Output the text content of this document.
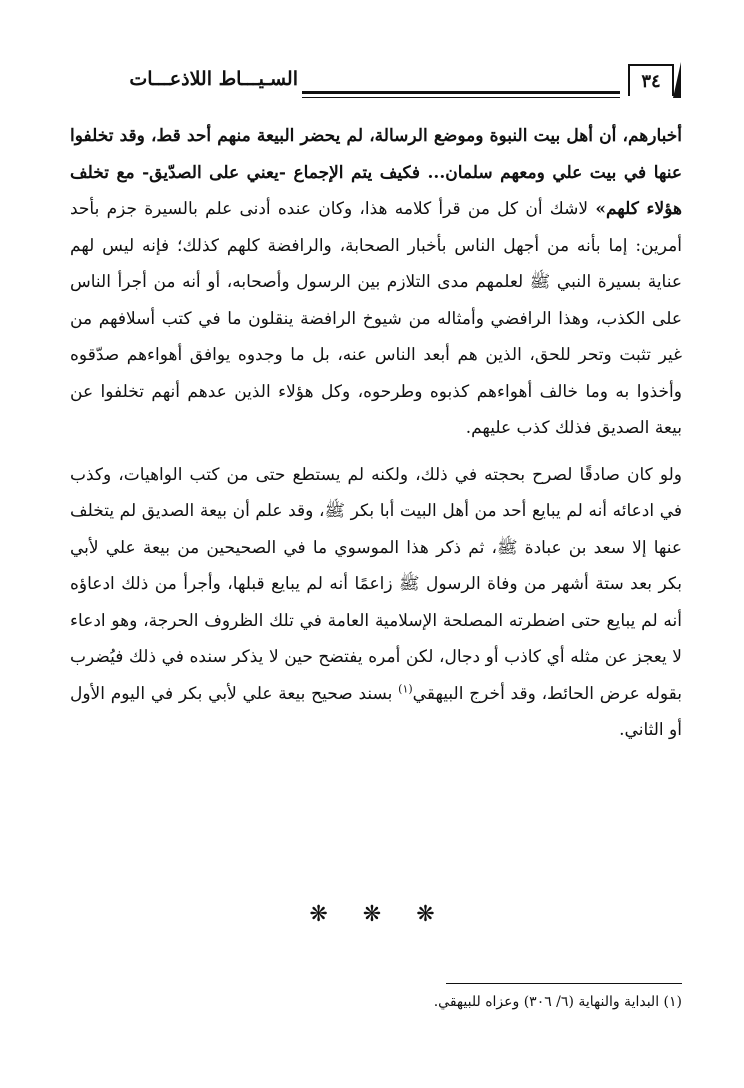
السـيـــاط اللاذعـــات	٣٤

أخبارهم، أن أهل بيت النبوة وموضع الرسالة، لم يحضر البيعة منهم أحد قط، وقد تخلفوا عنها في بيت علي ومعهم سلمان... فكيف يتم الإجماع -يعني على الصدّيق- مع تخلف هؤلاء كلهم» لاشك أن كل من قرأ كلامه هذا، وكان عنده أدنى علم بالسيرة جزم بأحد أمرين: إما بأنه من أجهل الناس بأخبار الصحابة، والرافضة كلهم كذلك؛ فإنه ليس لهم عناية بسيرة النبي ﷺ لعلمهم مدى التلازم بين الرسول وأصحابه، أو أنه من أجرأ الناس على الكذب، وهذا الرافضي وأمثاله من شيوخ الرافضة ينقلون ما في كتب أسلافهم من غير تثبت وتحر للحق، الذين هم أبعد الناس عنه، بل ما وجدوه يوافق أهواءهم صدّقوه وأخذوا به وما خالف أهواءهم كذبوه وطرحوه، وكل هؤلاء الذين عدهم أنهم تخلفوا عن بيعة الصديق فذلك كذب عليهم.

ولو كان صادقًا لصرح بحجته في ذلك، ولكنه لم يستطع حتى من كتب الواهيات، وكذب في ادعائه أنه لم يبايع أحد من أهل البيت أبا بكر ﷺ، وقد علم أن بيعة الصديق لم يتخلف عنها إلا سعد بن عبادة ﷺ، ثم ذكر هذا الموسوي ما في الصحيحين من بيعة علي لأبي بكر بعد ستة أشهر من وفاة الرسول ﷺ زاعمًا أنه لم يبايع قبلها، وأجرأ من ذلك ادعاؤه أنه لم يبايع حتى اضطرته المصلحة الإسلامية العامة في تلك الظروف الحرجة، وهو ادعاء لا يعجز عن مثله أي كاذب أو دجال، لكن أمره يفتضح حين لا يذكر سنده في ذلك فيُضرب بقوله عرض الحائط، وقد أخرج البيهقي$^{(١)}$ بسند صحيح بيعة علي لأبي بكر في اليوم الأول أو الثاني.

❋ ❋ ❋
(١) البداية والنهاية (٦/ ٣٠٦) وعزاه للبيهقي.
